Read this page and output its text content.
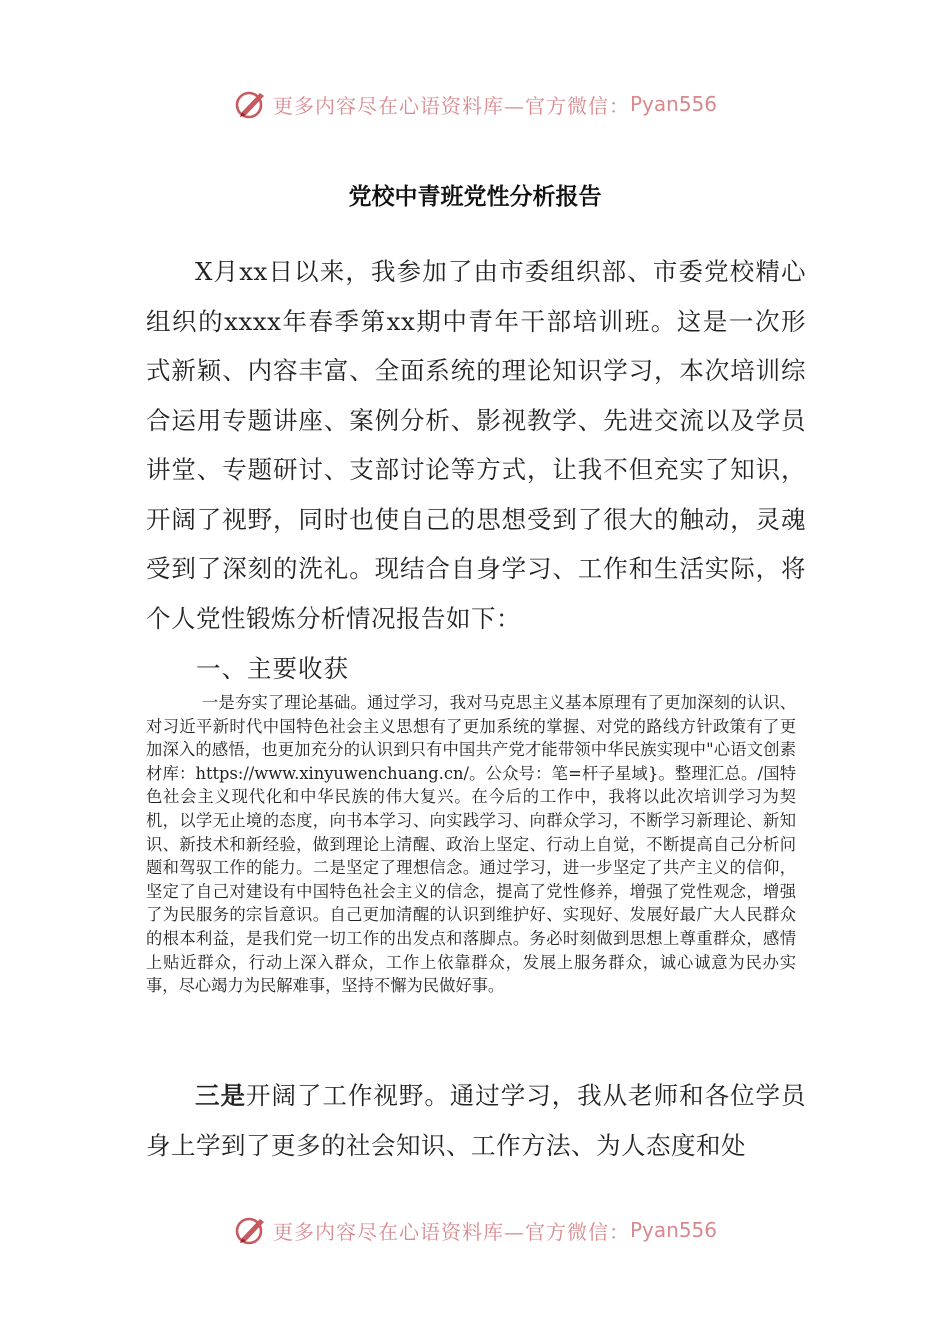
更多内容尽在心语资料库—官方微信： Pyan556
党校中青班党性分析报告
X月xx日以来，我参加了由市委组织部、市委党校精心组织的xxxx年春季第xx期中青年干部培训班。这是一次形式新颖、内容丰富、全面系统的理论知识学习，本次培训综合运用专题讲座、案例分析、影视教学、先进交流以及学员讲堂、专题研讨、支部讨论等方式，让我不但充实了知识，开阔了视野，同时也使自己的思想受到了很大的触动，灵魂受到了深刻的洗礼。现结合自身学习、工作和生活实际，将个人党性锻炼分析情况报告如下：
一、主要收获
一是夯实了理论基础。通过学习，我对马克思主义基本原理有了更加深刻的认识、对习近平新时代中国特色社会主义思想有了更加系统的掌握、对党的路线方针政策有了更加深入的感悟，也更加充分的认识到只有中国共产党才能带领中华民族实现中"心语文创素材库：https://www.xinyuwenchuang.cn/。公众号：笔=杆子星域}。整理汇总。/国特色社会主义现代化和中华民族的伟大复兴。在今后的工作中，我将以此次培训学习为契机，以学无止境的态度，向书本学习、向实践学习、向群众学习，不断学习新理论、新知识、新技术和新经验，做到理论上清醒、政治上坚定、行动上自觉，不断提高自己分析问题和驾驭工作的能力。二是坚定了理想信念。通过学习，进一步坚定了共产主义的信仰，坚定了自己对建设有中国特色社会主义的信念，提高了党性修养，增强了党性观念，增强了为民服务的宗旨意识。自己更加清醒的认识到维护好、实现好、发展好最广大人民群众的根本利益，是我们党一切工作的出发点和落脚点。务必时刻做到思想上尊重群众，感情上贴近群众，行动上深入群众，工作上依靠群众，发展上服务群众，诚心诚意为民办实事，尽心竭力为民解难事，坚持不懈为民做好事。
三是开阔了工作视野。通过学习，我从老师和各位学员身上学到了更多的社会知识、工作方法、为人态度和处
更多内容尽在心语资料库—官方微信： Pyan556
